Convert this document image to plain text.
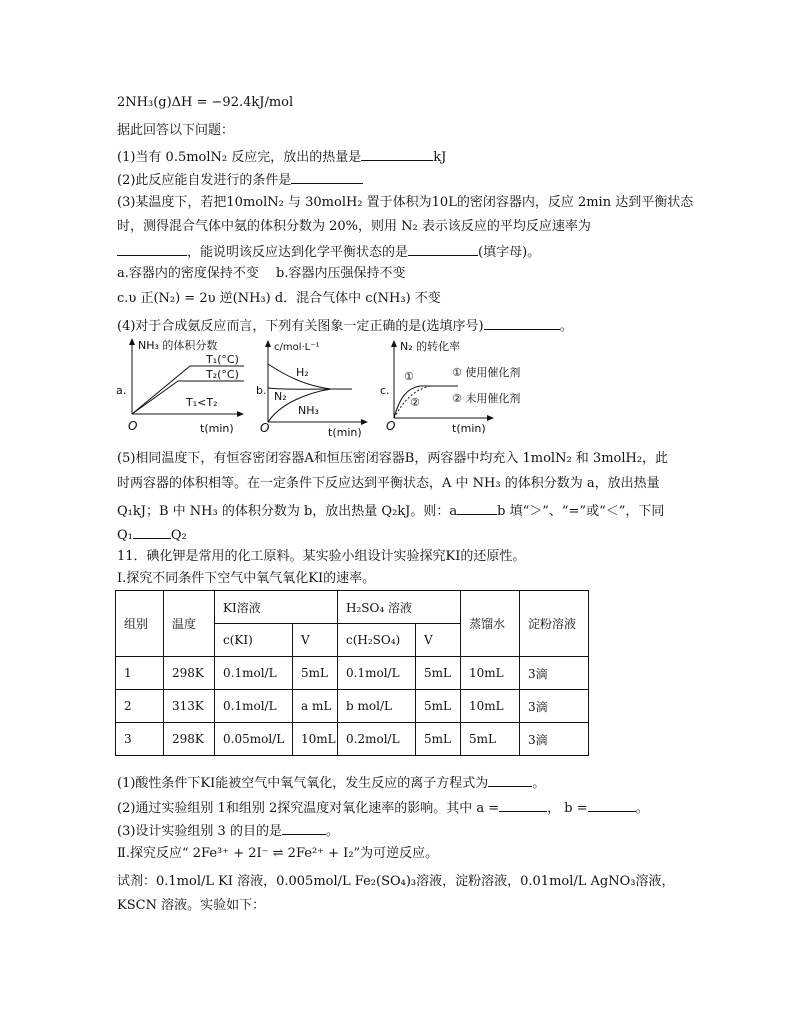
2NH₃(g)ΔH = −92.4kJ/mol
据此回答以下问题：
(1)当有 0.5molN₂ 反应完，放出的热量是	kJ
(2)此反应能自发进行的条件是
(3)某温度下，若把10molN₂ 与 30molH₂ 置于体积为10L的密闭容器内，反应 2min 达到平衡状态
时，测得混合气体中氨的体积分数为 20%，则用 N₂ 表示该反应的平均反应速率为
，能说明该反应达到化学平衡状态的是	(填字母)。
a.容器内的密度保持不变　 b.容器内压强保持不变
c.υ 正(N₂) = 2υ 逆(NH₃) d．混合气体中 c(NH₃) 不变
(4)对于合成氨反应而言，下列有关图象一定正确的是(选填序号)	。
a.
NH₃ 的体积分数
T₁(°C)
T₂(°C)
T₁<T₂
O	t(min)
b.
c/mol·L⁻¹
H₂
N₂
NH₃
O	t(min)
c.
N₂ 的转化率
①
②
① 使用催化剂
② 未用催化剂
O	t(min)
(5)相同温度下，有恒容密闭容器A和恒压密闭容器B，两容器中均充入 1molN₂ 和 3molH₂，此
时两容器的体积相等。在一定条件下反应达到平衡状态，A 中 NH₃ 的体积分数为 a，放出热量
Q₁kJ；B 中 NH₃ 的体积分数为 b，放出热量 Q₂kJ。则：a	b 填“＞”、“=”或“＜”，下同
Q₁	Q₂
11．碘化钾是常用的化工原料。某实验小组设计实验探究KI的还原性。
Ⅰ.探究不同条件下空气中氧气氧化KI的速率。
组别	温度	KI溶液		H₂SO₄ 溶液		蒸馏水	淀粉溶液
		c(KI)	V	c(H₂SO₄)	V		
1	298K	0.1mol/L	5mL	0.1mol/L	5mL	10mL	3滴
2	313K	0.1mol/L	a mL	b mol/L	5mL	10mL	3滴
3	298K	0.05mol/L	10mL	0.2mol/L	5mL	5mL	3滴
(1)酸性条件下KI能被空气中氧气氧化，发生反应的离子方程式为	。
(2)通过实验组别 1和组别 2探究温度对氧化速率的影响。其中 a =	， b =	。
(3)设计实验组别 3 的目的是	。
Ⅱ.探究反应“ 2Fe³⁺ + 2I⁻ ⇌ 2Fe²⁺ + I₂”为可逆反应。
试剂：0.1mol/L KI 溶液，0.005mol/L Fe₂(SO₄)₃溶液，淀粉溶液，0.01mol/L AgNO₃溶液，
KSCN 溶液。实验如下：
